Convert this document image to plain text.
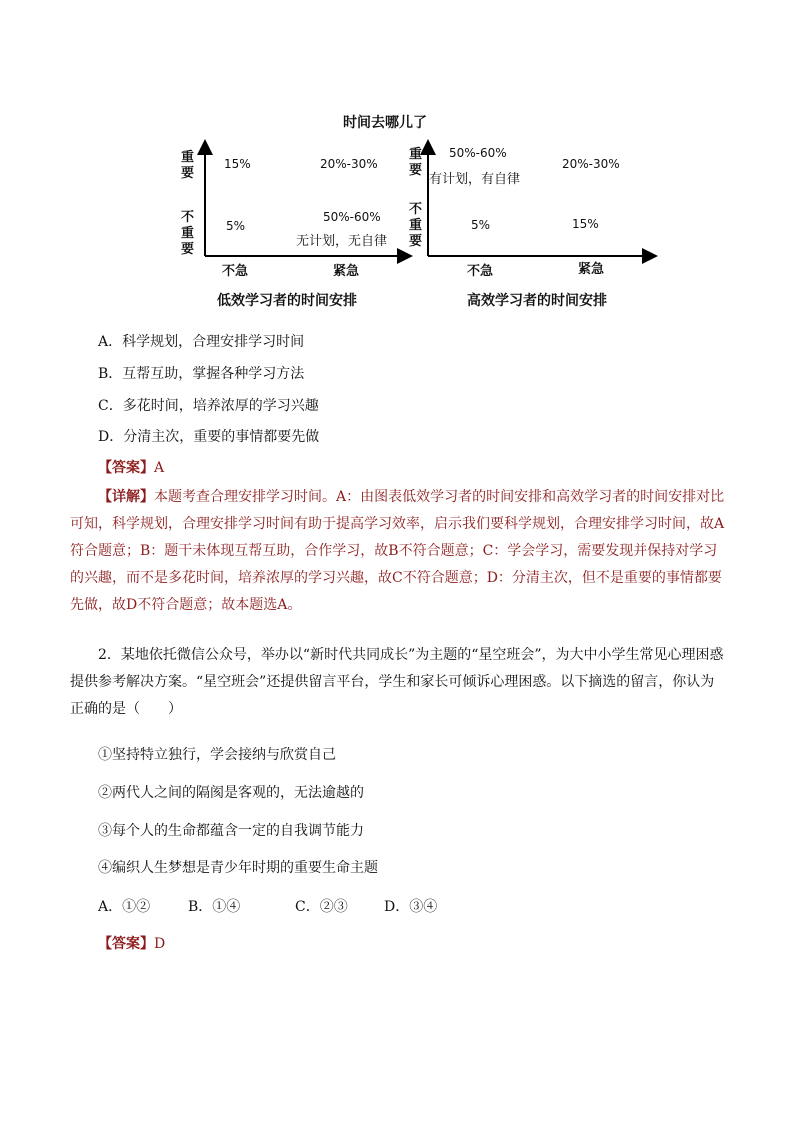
时间去哪儿了
重要
不重要
15%	20%-30%
5%
50%-60%
无计划，无自律
不急	紧急
低效学习者的时间安排
重要
不重要
50%-60%
有计划，有自律
20%-30%
5%	15%
不急	紧急
高效学习者的时间安排
A．科学规划，合理安排学习时间
B．互帮互助，掌握各种学习方法
C．多花时间，培养浓厚的学习兴趣
D．分清主次，重要的事情都要先做
【答案】A
【详解】本题考查合理安排学习时间。A：由图表低效学习者的时间安排和高效学习者的时间安排对比可知，科学规划，合理安排学习时间有助于提高学习效率，启示我们要科学规划，合理安排学习时间，故A符合题意；B：题干未体现互帮互助，合作学习，故B不符合题意；C：学会学习，需要发现并保持对学习的兴趣，而不是多花时间，培养浓厚的学习兴趣，故C不符合题意；D：分清主次，但不是重要的事情都要先做，故D不符合题意；故本题选A。
2．某地依托微信公众号，举办以“新时代共同成长”为主题的“星空班会”，为大中小学生常见心理困惑提供参考解决方案。“星空班会”还提供留言平台，学生和家长可倾诉心理困惑。以下摘选的留言，你认为正确的是（　　）
①坚持特立独行，学会接纳与欣赏自己
②两代人之间的隔阂是客观的，无法逾越的
③每个人的生命都蕴含一定的自我调节能力
④编织人生梦想是青少年时期的重要生命主题
A．①②	B．①④	C．②③	D．③④
【答案】D
